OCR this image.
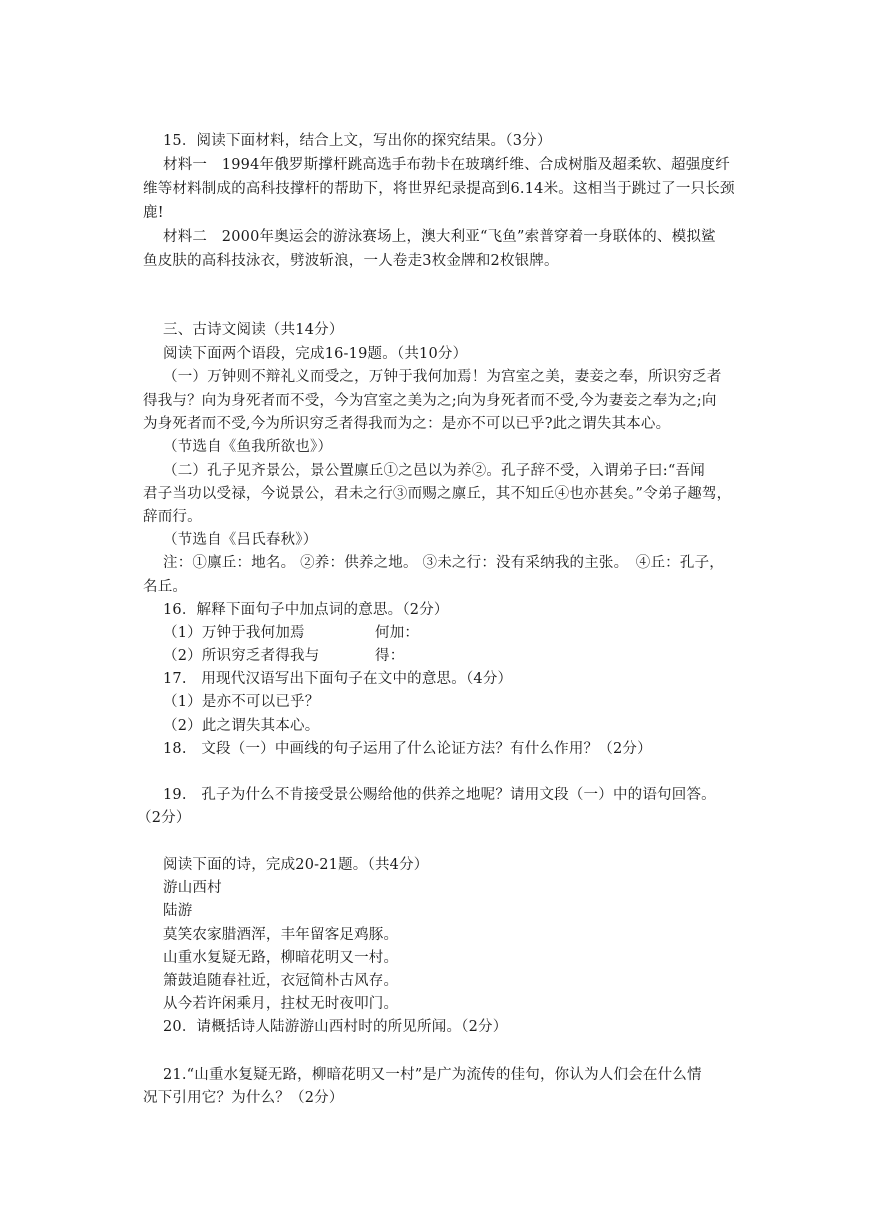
15．阅读下面材料，结合上文，写出你的探究结果。（3分）
材料一　1994年俄罗斯撑杆跳高选手布勃卡在玻璃纤维、合成树脂及超柔软、超强度纤
维等材料制成的高科技撑杆的帮助下，将世界纪录提高到6.14米。这相当于跳过了一只长颈
鹿!
材料二　2000年奥运会的游泳赛场上，澳大利亚“飞鱼”索普穿着一身联体的、模拟鲨
鱼皮肤的高科技泳衣，劈波斩浪，一人卷走3枚金牌和2枚银牌。
三、古诗文阅读（共14分）
阅读下面两个语段，完成16-19题。（共10分）
（一）万钟则不辩礼义而受之，万钟于我何加焉！为宫室之美，妻妾之奉，所识穷乏者
得我与？向为身死者而不受，今为宫室之美为之;向为身死者而不受,今为妻妾之奉为之;向
为身死者而不受,今为所识穷乏者得我而为之：是亦不可以已乎?此之谓失其本心。
（节选自《鱼我所欲也》）
（二）孔子见齐景公，景公置廪丘①之邑以为养②。孔子辞不受，入谓弟子曰:“吾闻
君子当功以受禄，今说景公，君未之行③而赐之廪丘，其不知丘④也亦甚矣。”令弟子趣驾，
辞而行。
（节选自《吕氏春秋》）
注：①廪丘：地名。 ②养：供养之地。 ③未之行：没有采纳我的主张。　④丘：孔子，
名丘。
16．解释下面句子中加点词的意思。（2分）
（1）万钟于我何加焉	何加：
（2）所识穷乏者得我与	得：
17.　用现代汉语写出下面句子在文中的意思。（4分）
（1）是亦不可以已乎？
（2）此之谓失其本心。
18.　文段（一）中画线的句子运用了什么论证方法？有什么作用？（2分）
19.　孔子为什么不肯接受景公赐给他的供养之地呢？请用文段（一）中的语句回答。
（2分）
阅读下面的诗，完成20-21题。（共4分）
游山西村
陆游
莫笑农家腊酒浑，丰年留客足鸡豚。
山重水复疑无路，柳暗花明又一村。
箫鼓追随春社近，衣冠简朴古风存。
从今若许闲乘月，拄杖无时夜叩门。
20．请概括诗人陆游游山西村时的所见所闻。（2分）
21.“山重水复疑无路，柳暗花明又一村”是广为流传的佳句，你认为人们会在什么情
况下引用它？为什么？（2分）
